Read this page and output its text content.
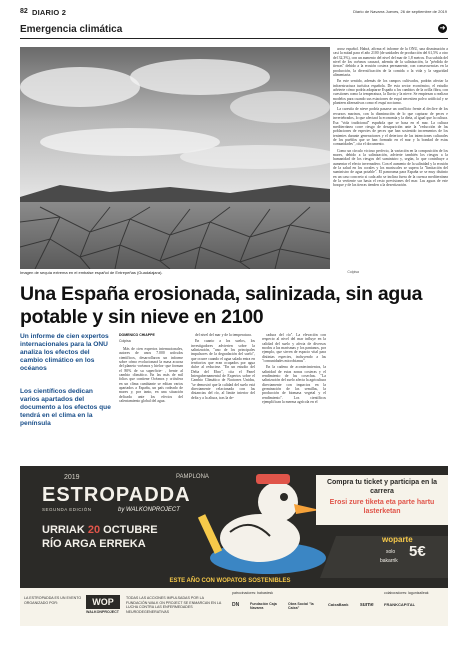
82 DIARIO 2	Diario de Navarra Jueves, 26 de septiembre de 2019
Emergencia climática	➜
Imagen de sequía extrema en el embalse español de Entrepeñas (Guadalajara).	Colpisa

arroz español. Habrá, afirma el informe de la ONU, una disminución a casi la mitad para el año 2100 (de unidades de producción del 61,5% a otro del 32,3%), con un aumento del nivel del mar de 1,8 metros. Esa subida del nivel de los océanos causará, además de la salinización, la "pérdida de tierras" debido a la erosión costera permanente, con consecuencias en la producción, la diversificación de la comida o la vida y la seguridad alimentaria.

En este sentido, además de los campos cultivados, podrán afectar la infraestructura turística española. De esta sector económico, el estudio advierte cómo podría adaptarse España a los cambios de la orilla fibra, con cuestiones como la temperatura, la lluvia y la nieve. Se empiezan a realizar modelos para cuando sus estaciones de esquí necesiten polvo artificial y se planteen alternativas como el esquí nocturno.

La carestía de nieve podría pasarse un conflicto frente al declive de los recursos marinos, con la disminución de lo que capturar de peces e invertebrados, lo que afectará la economía y la dieta, al igual que la cultura. Esa "vida tradicional" española que se basa en el mar. La cultura mediterránea corre riesgo de desaparición ante la "reducción de las poblaciones de especies de peces que han sostenido incrementos de los tenientes durante generaciones y el deterioro de las intenciones culturales de los pueblos que se han formado en el mar y la bondad de estas comunidades", cita el documento.

Como un círculo vicioso perfecto, la variación en la composición de los mares, debido a la salinización, advierte también los riesgos a la humanidad de los riesgos del suministro y, según, lo que contribuye a aumentar el efecto invernadero. Con el aumento de la salinidad y la erosión de la salud en los corales y los mariscales se supera la "limitación del suministro de agua potable". El panorama para España se se muy distinto en un caso concreto si cada año se inclina fuera de la cuenca mediterránea de la vertiente sur hasta el resto previsiones del mar. Las aguas de este bosque y de las tierras tienden a la desertización.

Una España erosionada, salinizada, sin agua potable y sin nieve en 2100
Un informe de cien expertos internacionales para la ONU analiza los efectos del cambio climático en los océanos
Los científicos dedican varios apartados del documento a los efectos que tendrá en el clima en la península
DOMENICO CHIAPPE
Colpisa

Más de cien expertos internacionales, autores de unos 7.000 artículos científicos, desarrollaron un informe sobre cómo evolucionará la masa acuosa del planeta -océanos y hielos- que forman el 80% de su superficie- , frente al cambio climático. En las más de mil folios que contiene Océanos y criósfera en un clima cambiante se editan varios apartados a España, un país rodeado de mares y, por tanto, en una situación delicada ante los efectos del calentamiento global del agua.

del nivel del mar y de la temperatura.

En cuanto a los suelos, los investigadores advierten sobre la salinización, "uno de los principales impulsores de la degradación del suelo", que ocurre cuando el agua salada entra en territorios que eran ocupados por agua dulce al reducirse. "En un estudio del Delta del Ebro", cita el Panel Intergubernamental de Expertos sobre el Cambio Climático de Naciones Unidas, "se demostró que la calidad del suelo está directamente relacionada con las distancias del río, al limite interior del delta y a la altura, tras la de-

cadura del río". La elevación con respecto al nivel del mar influye en la calidad del suelo y afecta de diversos modos a las marismas y los pantanos, por ejemplo, que sirven de espacio vital para distintas especies, incluyendo a las "comunidades microbianas".

En la cadena de acontecimientos, la salinidad de estas zonas costeras y el rendimiento de las cosechas. "La salinización del suelo afecta la agricultura directamente con impactos en la germinación de las semillas, la producción de biomasa vegetal y el rendimiento". Los científicos ejemplifican la merma agrícola en el

2019
ESTROPADDA
PAMPLONA
SEGUNDA EDICIÓN	by WALKONPROJECT
URRIAK 20 OCTUBRE
RÍO ARGA ERREKA
Compra tu ticket y participa en la carrera
Erosi zure tiketa eta parte hartu lasterketan
woparte
solo 5€
bakarrik
ESTE AÑO CON WOPATOS SOSTENIBLES
LA ESTROPADDA ES UN EVENTO ORGANIZADO POR:	WOP
WALKONPROJECT
TODAS LAS ACCIONES IMPULSADAS POR LA FUNDACIÓN WALK ON PROJECT SE ENMARCAN EN LA LUCHA CONTRA LAS ENFERMEDADES NEURODEGENERATIVAS
patrocinadores: babastesk	colaboradores: laguntzaileak
DN	Fundación Caja Navarra
Obra Social "la Caixa"
CaixaBank surne	FRANKCAPITAL
